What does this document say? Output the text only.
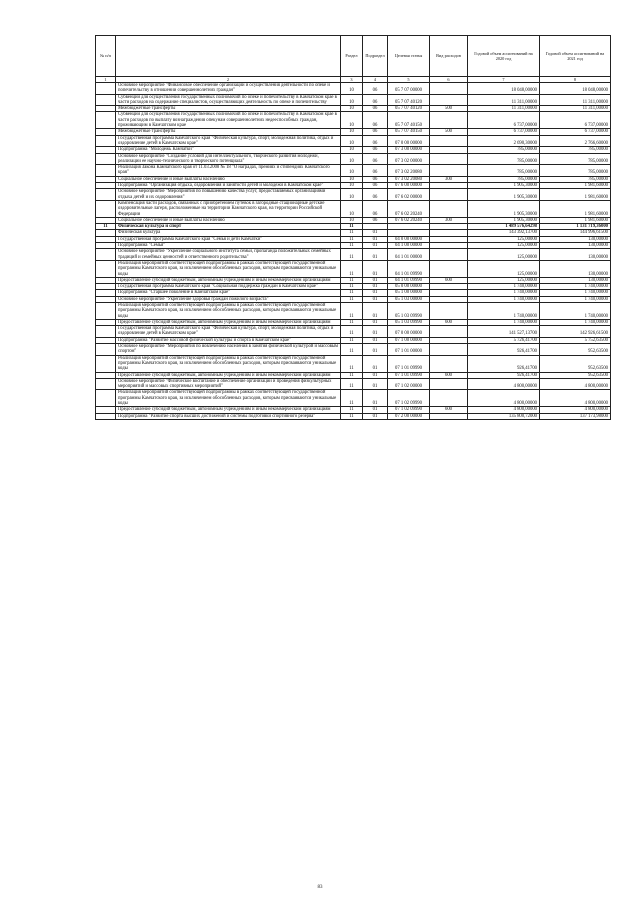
№ п/п		Раздел	Подраздел	Целевая статья	Вид расходов	Годовой объем ассигнований на 2020 год	Годовой объем ассигнований на 2021 год
1	2	3	4	5	6	7	8
	Основное мероприятие "Финансовое обеспечение организации и осуществления деятельности по опеке и попечительству в отношении совершеннолетних граждан"	10	06	05 7 07 00000		18 048,00000	18 048,00000
	Субвенции для осуществления государственных полномочий по опеке и попечительству в Камчатском крае в части расходов на содержание специалистов, осуществляющих деятельность по опеке и попечительству	10	06	05 7 07 40120		11 311,00000	11 311,00000
	Межбюджетные трансферты	10	06	05 7 07 40120	500	11 311,00000	11 311,00000
	Субвенции для осуществления государственных полномочий по опеке и попечительству в Камчатском крае в части расходов по выплату вознаграждения опекунам совершеннолетних недееспособных граждан, проживающим в Камчатском крае	10	06	05 7 07 40150		6 737,00000	6 737,00000
	Межбюджетные трансферты	10	06	05 7 07 40150	500	6 737,00000	6 737,00000
	Государственная программа Камчатского края "Физическая культура, спорт, молодежная политика, отдых и оздоровление детей в Камчатском крае"	10	06	07 0 00 00000		2 690,30000	2 766,60000
	Подпрограмма "Молодежь Камчатки"	10	06	07 3 00 00000		785,00000	785,00000
	Основное мероприятие "Создание условий для интеллектуального, творческого развития молодежи, реализации ее научно-технического и творческого потенциала"	10	06	07 3 02 00000		785,00000	785,00000
	Реализация Закона Камчатского края от 11.03.2008 № 18 "О наградах, премиях и стипендиях Камчатского края"	10	06	07 3 02 20080		785,00000	785,00000
	Социальное обеспечение и иные выплаты населению	10	06	07 3 02 20080	300	785,00000	785,00000
	Подпрограмма "Организация отдыха, оздоровления и занятости детей и молодежи в Камчатском крае"	10	06	07 6 00 00000		1 905,30000	1 981,60000
	Основное мероприятие "Мероприятия по повышению качества услуг, предоставляемых организациями отдыха детей и их оздоровления"	10	06	07 6 02 00000		1 905,30000	1 981,60000
	Компенсация части расходов, связанных с приобретением путевок в загородные стационарные детские оздоровительные лагеря, расположенные на территории Камчатского края, на территории Российской Федерации	10	06	07 6 02 20240		1 905,30000	1 981,60000
	Социальное обеспечение и иные выплаты населению	10	06	07 6 02 20240	300	1 905,30000	1 981,60000
11	Физическая культура и спорт	11				1 489 576,64298	1 131 719,36000
	Физическая культура	11	01			143 392,13700	144 996,61500
	Государственная программа Камчатского края "Семья и дети Камчатки"	11	01	04 0 00 00000		125,00000	130,00000
	Подпрограмма "Семья"	11	01	04 1 00 00000		125,00000	130,00000
	Основное мероприятие "Укрепление социального института семьи, пропаганда положительных семейных традиций и семейных ценностей и ответственного родительства"	11	01	04 1 01 00000		125,00000	130,00000
	Реализация мероприятий соответствующей подпрограммы в рамках соответствующей государственной программы Камчатского края, за исключением обособленных расходов, которым присваиваются уникальные коды	11	01	04 1 01 09990		125,00000	130,00000
	Предоставление субсидий бюджетным, автономным учреждениям и иным некоммерческим организациям	11	01	04 1 01 09990	600	125,00000	130,00000
	Государственная программа Камчатского края "Социальная поддержка граждан в Камчатском крае"	11	01	05 0 00 00000		1 740,00000	1 740,00000
	Подпрограмма "Старшее поколение в Камчатском крае"	11	01	05 1 00 00000		1 740,00000	1 740,00000
	Основное мероприятие "Укрепление здоровья граждан пожилого возраста"	11	01	05 1 03 00000		1 740,00000	1 740,00000
	Реализация мероприятий соответствующей подпрограммы в рамках соответствующей государственной программы Камчатского края, за исключением обособленных расходов, которым присваиваются уникальные коды	11	01	05 1 03 09990		1 740,00000	1 740,00000
	Предоставление субсидий бюджетным, автономным учреждениям и иным некоммерческим организациям	11	01	05 1 03 09990	600	1 740,00000	1 740,00000
	Государственная программа Камчатского края "Физическая культура, спорт, молодежная политика, отдых и оздоровление детей в Камчатском крае"	11	01	07 0 00 00000		141 527,13700	142 926,61500
	Подпрограмма "Развитие массовой физической культуры и спорта в Камчатском крае"	11	01	07 1 00 00000		5 726,41700	5 752,63500
	Основное мероприятие "Мероприятия по вовлечению населения в занятия физической культурой и массовым спортом"	11	01	07 1 01 00000		926,41700	952,63500
	Реализация мероприятий соответствующей подпрограммы в рамках соответствующей государственной программы Камчатского края, за исключением обособленных расходов, которым присваиваются уникальные коды	11	01	07 1 01 09990		926,41700	952,63500
	Предоставление субсидий бюджетным, автономным учреждениям и иным некоммерческим организациям	11	01	07 1 01 09990	600	926,41700	952,63500
	Основное мероприятие "Физическое воспитание и обеспечение организации и проведения физкультурных мероприятий и массовых спортивных мероприятий"	11	01	07 1 02 00000		4 800,00000	4 800,00000
	Реализация мероприятий соответствующей подпрограммы в рамках соответствующей государственной программы Камчатского края, за исключением обособленных расходов, которым присваиваются уникальные коды	11	01	07 1 02 09990		4 800,00000	4 800,00000
	Предоставление субсидий бюджетным, автономным учреждениям и иным некоммерческим организациям	11	01	07 1 02 09990	600	4 800,00000	4 800,00000
	Подпрограмма "Развитие спорта высших достижений и системы подготовки спортивного резерва"	11	01	07 2 00 00000		135 800,72000	137 173,98000
83
